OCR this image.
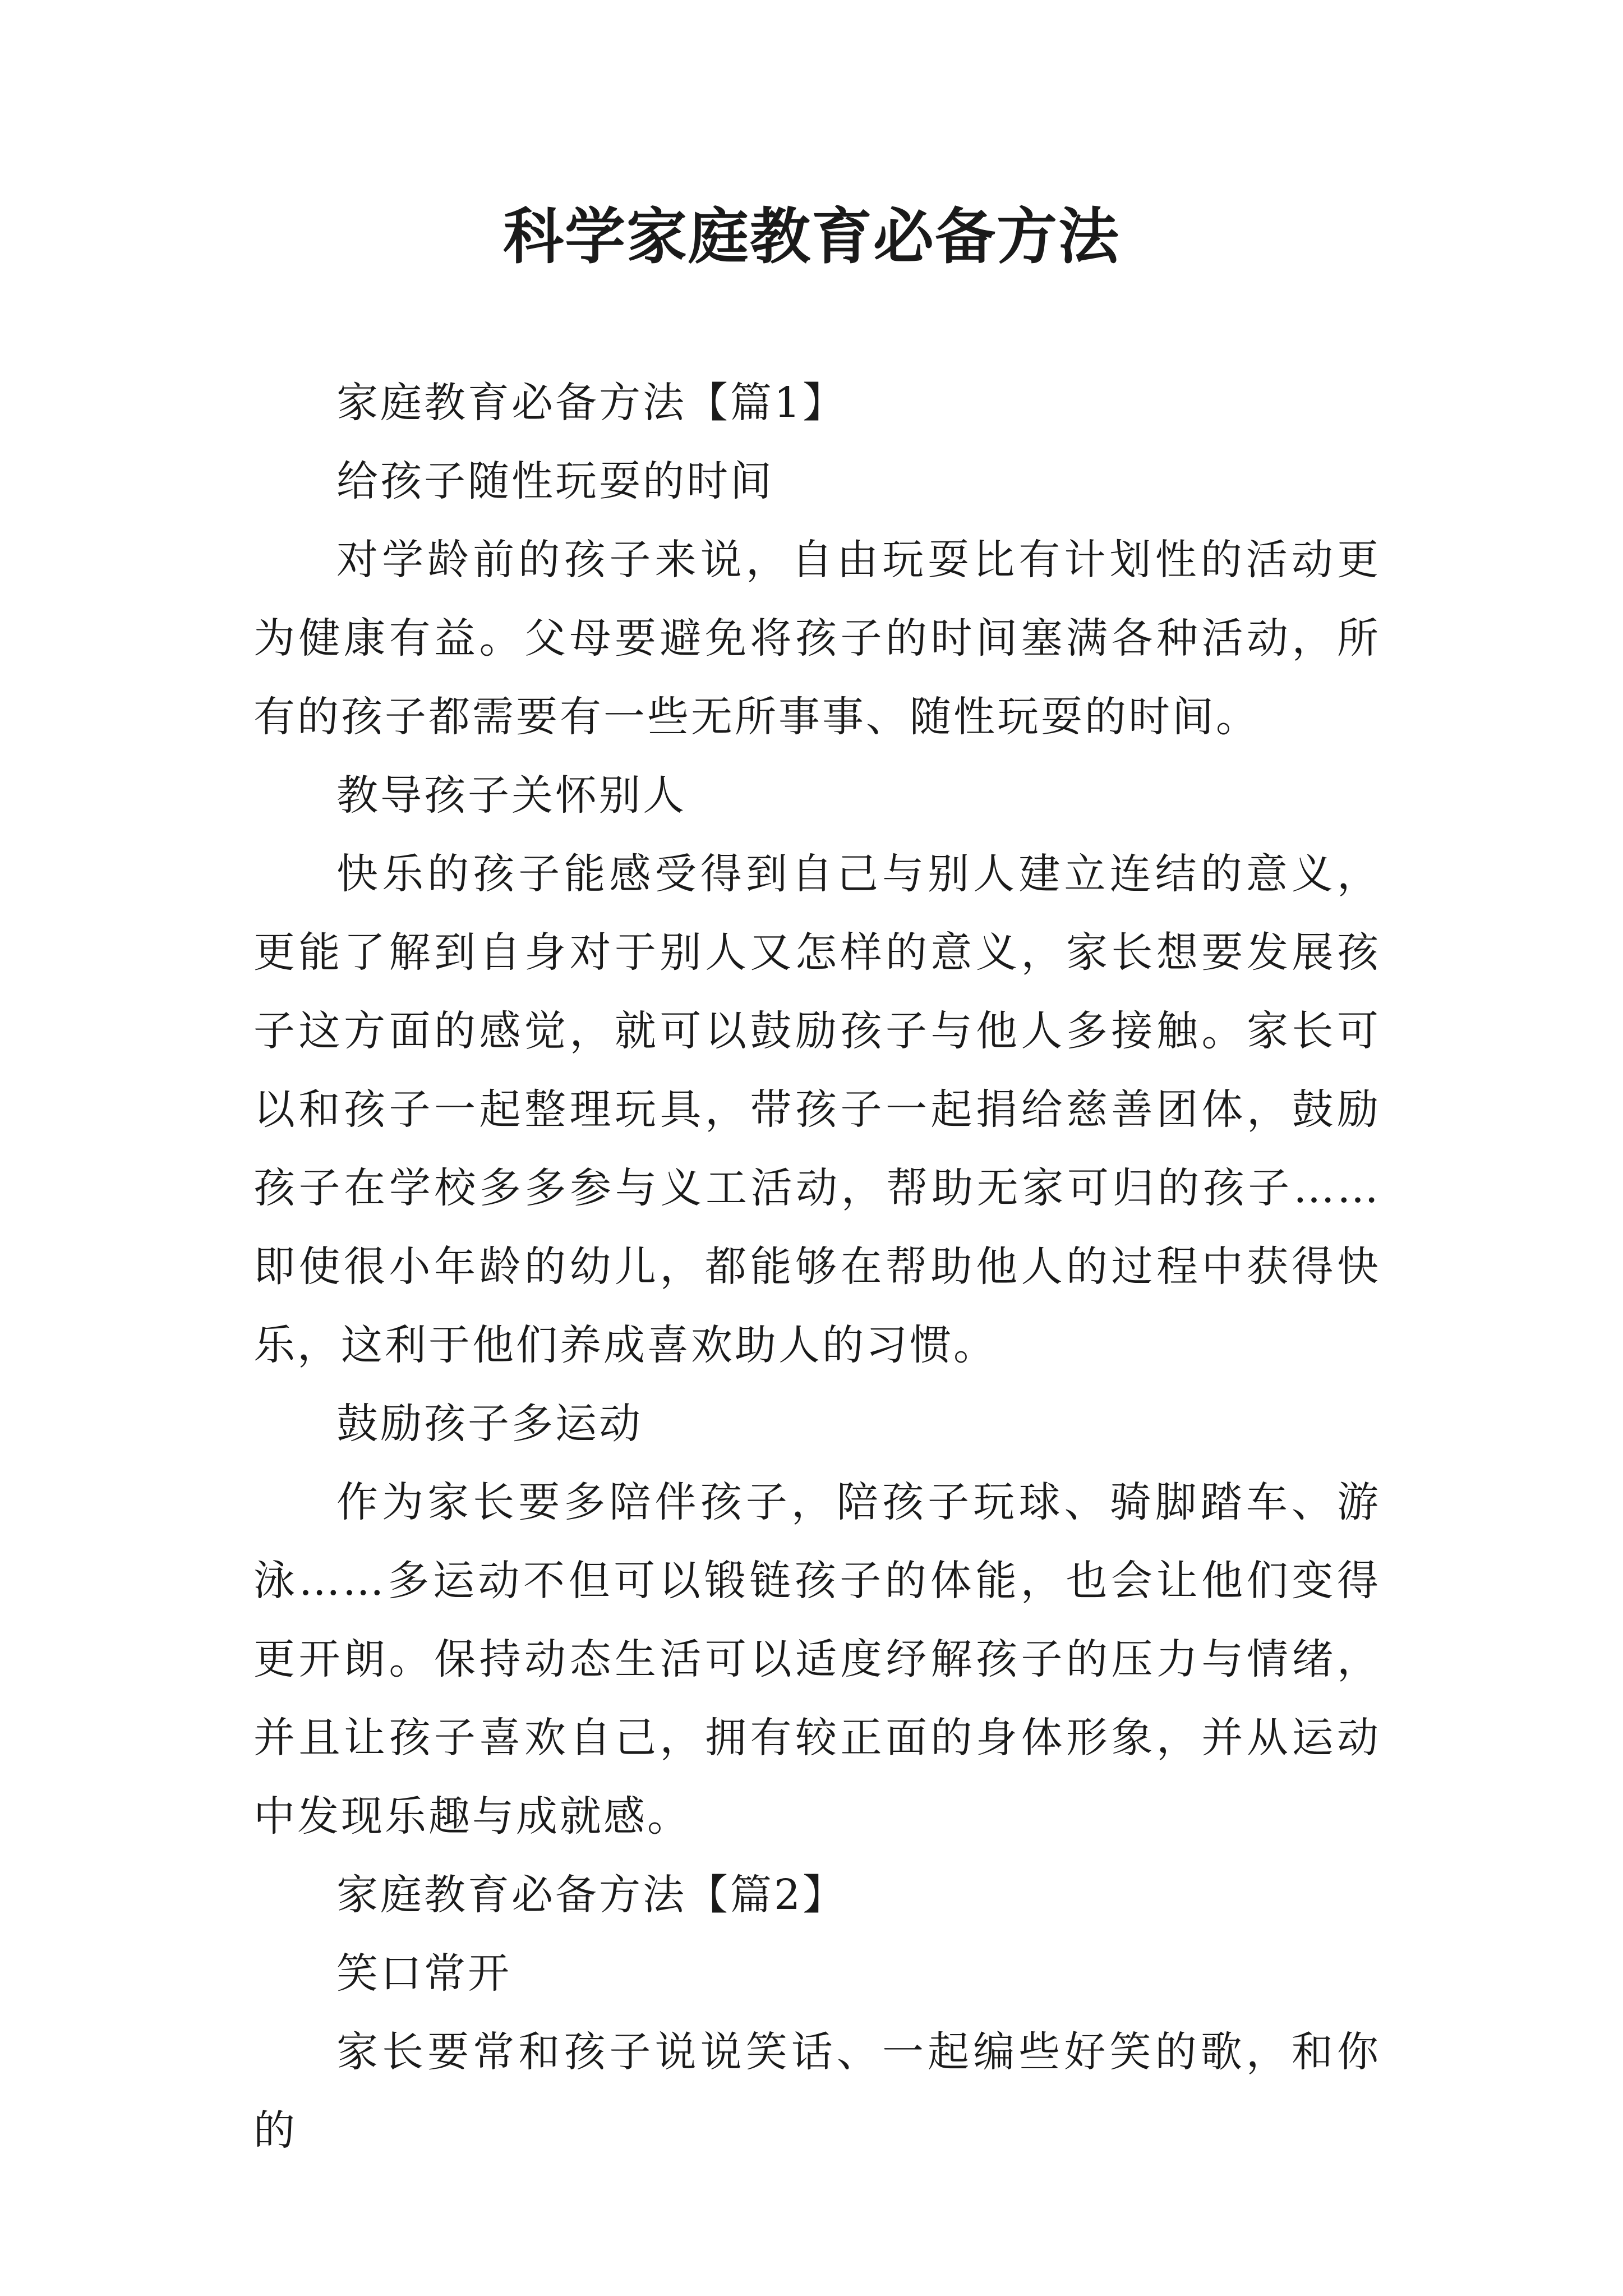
科学家庭教育必备方法

家庭教育必备方法【篇1】

给孩子随性玩耍的时间

对学龄前的孩子来说，自由玩耍比有计划性的活动更为健康有益。父母要避免将孩子的时间塞满各种活动，所有的孩子都需要有一些无所事事、随性玩耍的时间。

教导孩子关怀别人

快乐的孩子能感受得到自己与别人建立连结的意义，更能了解到自身对于别人又怎样的意义，家长想要发展孩子这方面的感觉，就可以鼓励孩子与他人多接触。家长可以和孩子一起整理玩具，带孩子一起捐给慈善团体，鼓励孩子在学校多多参与义工活动，帮助无家可归的孩子……即使很小年龄的幼儿，都能够在帮助他人的过程中获得快乐，这利于他们养成喜欢助人的习惯。

鼓励孩子多运动

作为家长要多陪伴孩子，陪孩子玩球、骑脚踏车、游泳……多运动不但可以锻链孩子的体能，也会让他们变得更开朗。保持动态生活可以适度纾解孩子的压力与情绪，并且让孩子喜欢自己，拥有较正面的身体形象，并从运动中发现乐趣与成就感。

家庭教育必备方法【篇2】

笑口常开

家长要常和孩子说说笑话、一起编些好笑的歌，和你的
